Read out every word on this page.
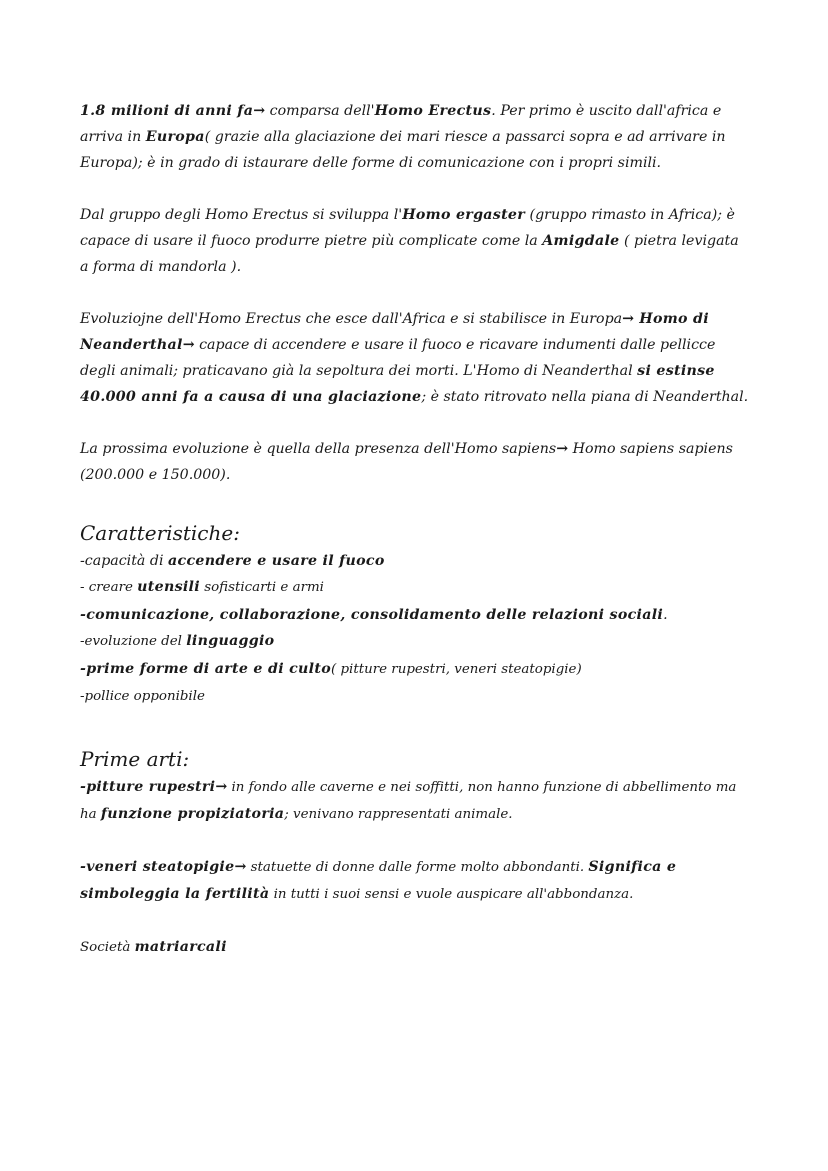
1.8 milioni di anni fa→ comparsa dell'Homo Erectus. Per primo è uscito dall'africa e arriva in Europa( grazie alla glaciazione dei mari riesce a passarci sopra e ad arrivare in Europa); è in grado di istaurare delle forme di comunicazione con i propri simili.

Dal gruppo degli Homo Erectus si sviluppa l'Homo ergaster (gruppo rimasto in Africa); è capace di usare il fuoco produrre pietre più complicate come la Amigdale ( pietra levigata a forma di mandorla ).

Evoluziojne dell'Homo Erectus che esce dall'Africa e si stabilisce in Europa→ Homo di Neanderthal→ capace di accendere e usare il fuoco e ricavare indumenti dalle pellicce degli animali; praticavano già la sepoltura dei morti. L'Homo di Neanderthal si estinse 40.000 anni fa a causa di una glaciazione; è stato ritrovato nella piana di Neanderthal.

La prossima evoluzione è quella della presenza dell'Homo sapiens→ Homo sapiens sapiens (200.000 e 150.000).

Caratteristiche:

-capacità di accendere e usare il fuoco

- creare utensili sofisticarti e armi

-comunicazione, collaborazione, consolidamento delle relazioni sociali.

-evoluzione del linguaggio

-prime forme di arte e di culto( pitture rupestri, veneri steatopigie)

-pollice opponibile

Prime arti:

-pitture rupestri→ in fondo alle caverne e nei soffitti, non hanno funzione di abbellimento ma ha funzione propiziatoria; venivano rappresentati animale.

-veneri steatopigie→ statuette di donne dalle forme molto abbondanti. Significa e simboleggia la fertilità in tutti i suoi sensi e vuole auspicare all'abbondanza.

Società matriarcali
